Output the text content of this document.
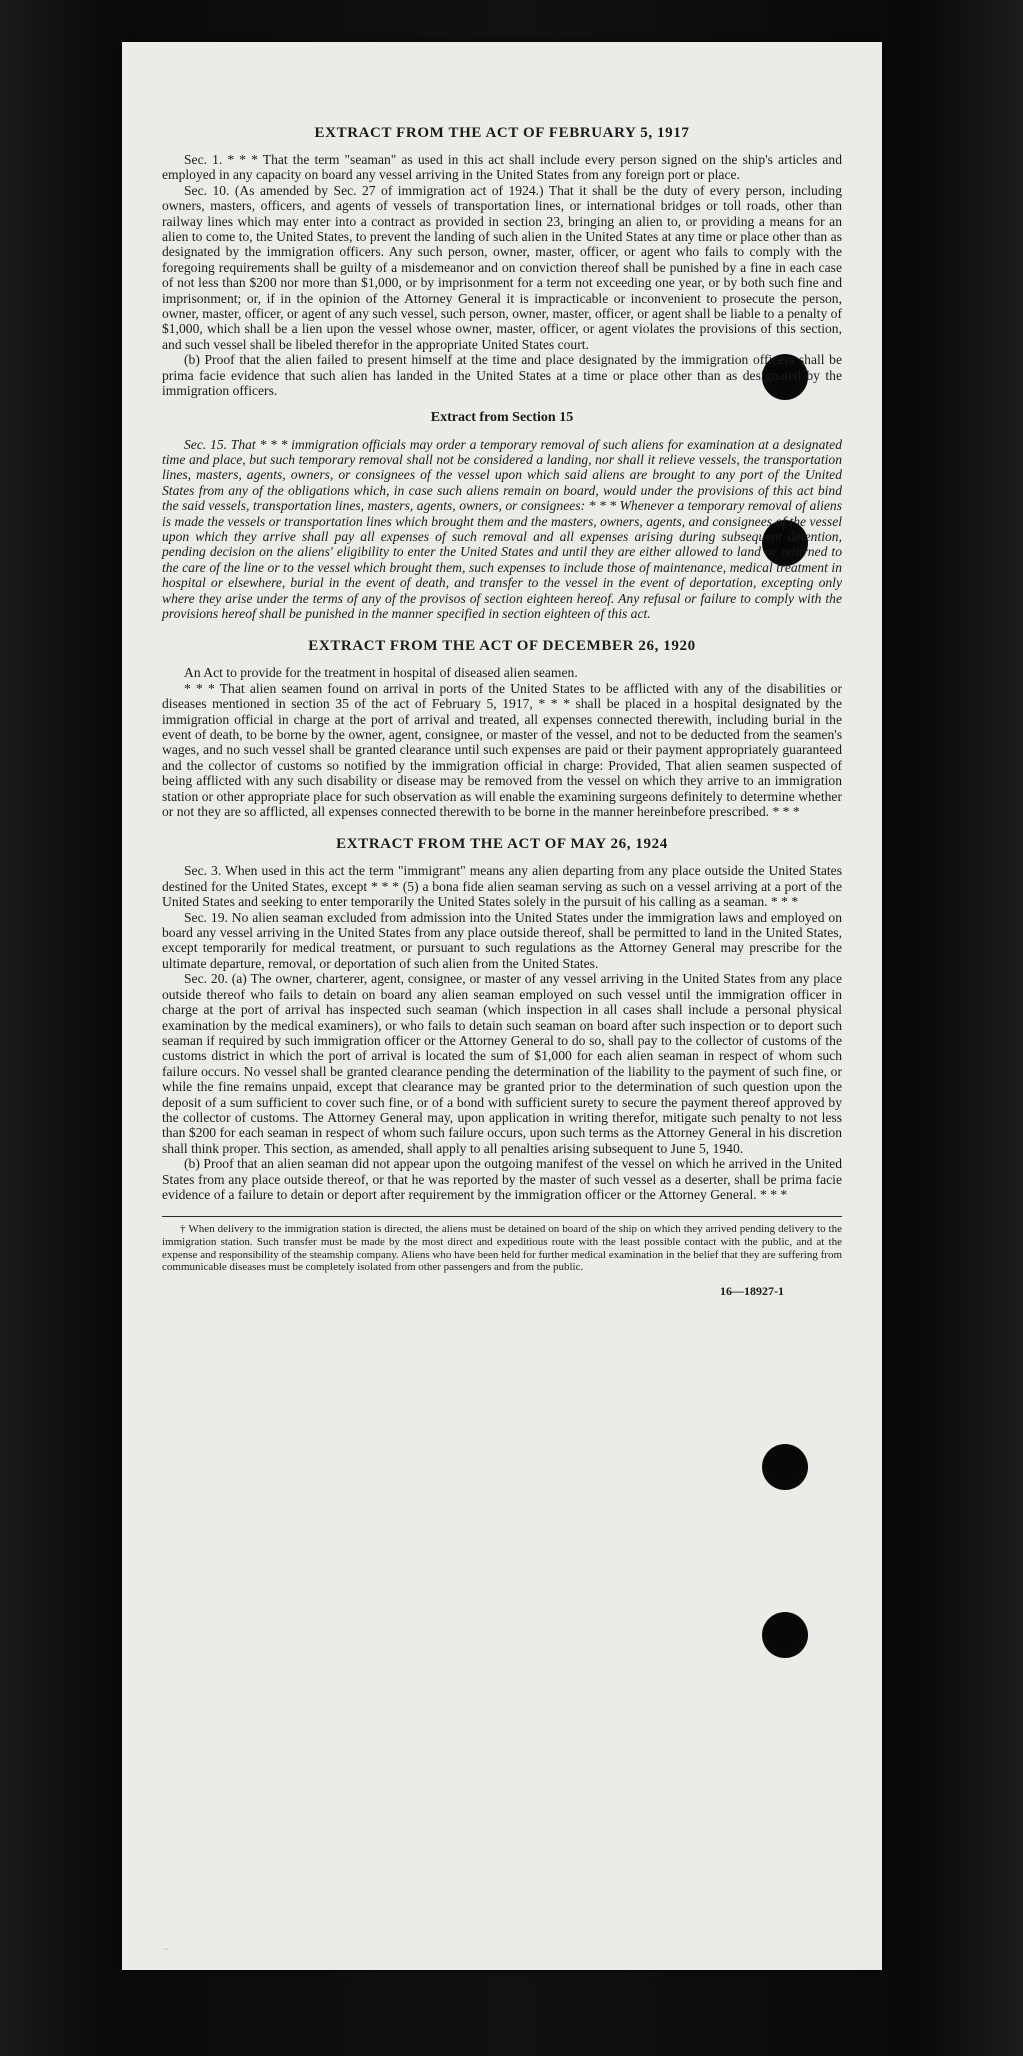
EXTRACT FROM THE ACT OF FEBRUARY 5, 1917

Sec. 1. * * * That the term "seaman" as used in this act shall include every person signed on the ship's articles and employed in any capacity on board any vessel arriving in the United States from any foreign port or place.

Sec. 10. (As amended by Sec. 27 of immigration act of 1924.) That it shall be the duty of every person, including owners, masters, officers, and agents of vessels of transportation lines, or international bridges or toll roads, other than railway lines which may enter into a contract as provided in section 23, bringing an alien to, or providing a means for an alien to come to, the United States, to prevent the landing of such alien in the United States at any time or place other than as designated by the immigration officers. Any such person, owner, master, officer, or agent who fails to comply with the foregoing requirements shall be guilty of a misdemeanor and on conviction thereof shall be punished by a fine in each case of not less than $200 nor more than $1,000, or by imprisonment for a term not exceeding one year, or by both such fine and imprisonment; or, if in the opinion of the Attorney General it is impracticable or inconvenient to prosecute the person, owner, master, officer, or agent of any such vessel, such person, owner, master, officer, or agent shall be liable to a penalty of $1,000, which shall be a lien upon the vessel whose owner, master, officer, or agent violates the provisions of this section, and such vessel shall be libeled therefor in the appropriate United States court.

(b) Proof that the alien failed to present himself at the time and place designated by the immigration officers shall be prima facie evidence that such alien has landed in the United States at a time or place other than as designated by the immigration officers.

Extract from Section 15

Sec. 15. That * * * immigration officials may order a temporary removal of such aliens for examination at a designated time and place, but such temporary removal shall not be considered a landing, nor shall it relieve vessels, the transportation lines, masters, agents, owners, or consignees of the vessel upon which said aliens are brought to any port of the United States from any of the obligations which, in case such aliens remain on board, would under the provisions of this act bind the said vessels, transportation lines, masters, agents, owners, or consignees: * * * Whenever a temporary removal of aliens is made the vessels or transportation lines which brought them and the masters, owners, agents, and consignees of the vessel upon which they arrive shall pay all expenses of such removal and all expenses arising during subsequent detention, pending decision on the aliens' eligibility to enter the United States and until they are either allowed to land or returned to the care of the line or to the vessel which brought them, such expenses to include those of maintenance, medical treatment in hospital or elsewhere, burial in the event of death, and transfer to the vessel in the event of deportation, excepting only where they arise under the terms of any of the provisos of section eighteen hereof. Any refusal or failure to comply with the provisions hereof shall be punished in the manner specified in section eighteen of this act.

EXTRACT FROM THE ACT OF DECEMBER 26, 1920

An Act to provide for the treatment in hospital of diseased alien seamen.

* * * That alien seamen found on arrival in ports of the United States to be afflicted with any of the disabilities or diseases mentioned in section 35 of the act of February 5, 1917, * * * shall be placed in a hospital designated by the immigration official in charge at the port of arrival and treated, all expenses connected therewith, including burial in the event of death, to be borne by the owner, agent, consignee, or master of the vessel, and not to be deducted from the seamen's wages, and no such vessel shall be granted clearance until such expenses are paid or their payment appropriately guaranteed and the collector of customs so notified by the immigration official in charge: Provided, That alien seamen suspected of being afflicted with any such disability or disease may be removed from the vessel on which they arrive to an immigration station or other appropriate place for such observation as will enable the examining surgeons definitely to determine whether or not they are so afflicted, all expenses connected therewith to be borne in the manner hereinbefore prescribed. * * *

EXTRACT FROM THE ACT OF MAY 26, 1924

Sec. 3. When used in this act the term "immigrant" means any alien departing from any place outside the United States destined for the United States, except * * * (5) a bona fide alien seaman serving as such on a vessel arriving at a port of the United States and seeking to enter temporarily the United States solely in the pursuit of his calling as a seaman. * * *

Sec. 19. No alien seaman excluded from admission into the United States under the immigration laws and employed on board any vessel arriving in the United States from any place outside thereof, shall be permitted to land in the United States, except temporarily for medical treatment, or pursuant to such regulations as the Attorney General may prescribe for the ultimate departure, removal, or deportation of such alien from the United States.

Sec. 20. (a) The owner, charterer, agent, consignee, or master of any vessel arriving in the United States from any place outside thereof who fails to detain on board any alien seaman employed on such vessel until the immigration officer in charge at the port of arrival has inspected such seaman (which inspection in all cases shall include a personal physical examination by the medical examiners), or who fails to detain such seaman on board after such inspection or to deport such seaman if required by such immigration officer or the Attorney General to do so, shall pay to the collector of customs of the customs district in which the port of arrival is located the sum of $1,000 for each alien seaman in respect of whom such failure occurs. No vessel shall be granted clearance pending the determination of the liability to the payment of such fine, or while the fine remains unpaid, except that clearance may be granted prior to the determination of such question upon the deposit of a sum sufficient to cover such fine, or of a bond with sufficient surety to secure the payment thereof approved by the collector of customs. The Attorney General may, upon application in writing therefor, mitigate such penalty to not less than $200 for each seaman in respect of whom such failure occurs, upon such terms as the Attorney General in his discretion shall think proper. This section, as amended, shall apply to all penalties arising subsequent to June 5, 1940.

(b) Proof that an alien seaman did not appear upon the outgoing manifest of the vessel on which he arrived in the United States from any place outside thereof, or that he was reported by the master of such vessel as a deserter, shall be prima facie evidence of a failure to detain or deport after requirement by the immigration officer or the Attorney General. * * *

† When delivery to the immigration station is directed, the aliens must be detained on board of the ship on which they arrived pending delivery to the immigration station. Such transfer must be made by the most direct and expeditious route with the least possible contact with the public, and at the expense and responsibility of the steamship company. Aliens who have been held for further medical examination in the belief that they are suffering from communicable diseases must be completely isolated from other passengers and from the public.

16—18927-1
~
